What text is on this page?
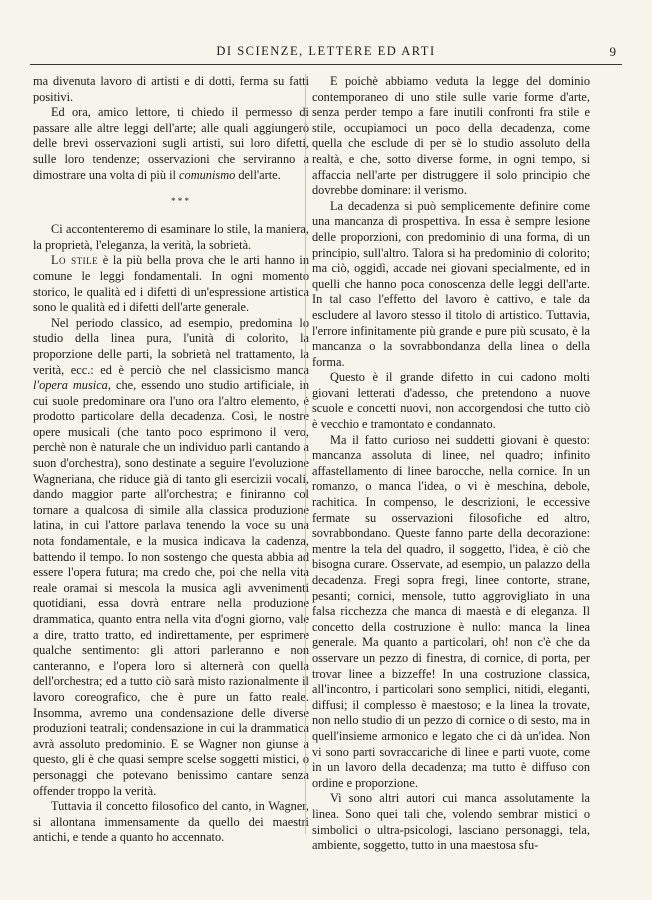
DI SCIENZE, LETTERE ED ARTI	9

ma divenuta lavoro di artisti e di dotti, ferma su fatti positivi.

Ed ora, amico lettore, ti chiedo il permesso di passare alle altre leggi dell'arte; alle quali aggiungerò delle brevi osservazioni sugli artisti, sui loro difetti, sulle loro tendenze; osservazioni che serviranno a dimostrare una volta di più il comunismo dell'arte.

* * *

Ci accontenteremo di esaminare lo stile, la maniera, la proprietà, l'eleganza, la verità, la sobrietà.

Lo stile è la più bella prova che le arti hanno in comune le leggi fondamentali. In ogni momento storico, le qualità ed i difetti di un'espressione artistica sono le qualità ed i difetti dell'arte generale.

Nel periodo classico, ad esempio, predomina lo studio della linea pura, l'unità di colorito, la proporzione delle parti, la sobrietà nel trattamento, la verità, ecc.: ed è perciò che nel classicismo manca l'opera musica, che, essendo uno studio artificiale, in cui suole predominare ora l'uno ora l'altro elemento, è prodotto particolare della decadenza. Così, le nostre opere musicali (che tanto poco esprimono il vero, perchè non è naturale che un individuo parli cantando a suon d'orchestra), sono destinate a seguire l'evoluzione Wagneriana, che riduce già di tanto gli esercizii vocali, dando maggior parte all'orchestra; e finiranno col tornare a qualcosa di simile alla classica produzione latina, in cui l'attore parlava tenendo la voce su una nota fondamentale, e la musica indicava la cadenza, battendo il tempo. Io non sostengo che questa abbia ad essere l'opera futura; ma credo che, poi che nella vita reale oramai si mescola la musica agli avvenimenti quotidiani, essa dovrà entrare nella produzione drammatica, quanto entra nella vita d'ogni giorno, vale a dire, tratto tratto, ed indirettamente, per esprimere qualche sentimento: gli attori parleranno e non canteranno, e l'opera loro si alternerà con quella dell'orchestra; ed a tutto ciò sarà misto razionalmente il lavoro coreografico, che è pure un fatto reale. Insomma, avremo una condensazione delle diverse produzioni teatrali; condensazione in cui la drammatica avrà assoluto predominio. E se Wagner non giunse a questo, gli è che quasi sempre scelse soggetti mistici, o personaggi che potevano benissimo cantare senza offender troppo la verità.

Tuttavia il concetto filosofico del canto, in Wagner, si allontana immensamente da quello dei maestri antichi, e tende a quanto ho accennato.

E poichè abbiamo veduta la legge del dominio contemporaneo di uno stile sulle varie forme d'arte, senza perder tempo a fare inutili confronti fra stile e stile, occupiamoci un poco della decadenza, come quella che esclude di per sè lo studio assoluto della realtà, e che, sotto diverse forme, in ogni tempo, si affaccia nell'arte per distruggere il solo principio che dovrebbe dominare: il verismo.

La decadenza si può semplicemente definire come una mancanza di prospettiva. In essa è sempre lesione delle proporzioni, con predominio di una forma, di un principio, sull'altro. Talora si ha predominio di colorito; ma ciò, oggidì, accade nei giovani specialmente, ed in quelli che hanno poca conoscenza delle leggi dell'arte. In tal caso l'effetto del lavoro è cattivo, e tale da escludere al lavoro stesso il titolo di artistico. Tuttavia, l'errore infinitamente più grande e pure più scusato, è la mancanza o la sovrabbondanza della linea o della forma.

Questo è il grande difetto in cui cadono molti giovani letterati d'adesso, che pretendono a nuove scuole e concetti nuovi, non accorgendosi che tutto ciò è vecchio e tramontato e condannato.

Ma il fatto curioso nei suddetti giovani è questo: mancanza assoluta di linee, nel quadro; infinito affastellamento di linee barocche, nella cornice. In un romanzo, o manca l'idea, o vi è meschina, debole, rachitica. In compenso, le descrizioni, le eccessive fermate su osservazioni filosofiche ed altro, sovrabbondano. Queste fanno parte della decorazione: mentre la tela del quadro, il soggetto, l'idea, è ciò che bisogna curare. Osservate, ad esempio, un palazzo della decadenza. Fregi sopra fregi, linee contorte, strane, pesanti; cornici, mensole, tutto aggrovigliato in una falsa ricchezza che manca di maestà e di eleganza. Il concetto della costruzione è nullo: manca la linea generale. Ma quanto a particolari, oh! non c'è che da osservare un pezzo di finestra, di cornice, di porta, per trovar linee a bizzeffe! In una costruzione classica, all'incontro, i particolari sono semplici, nitidi, eleganti, diffusi; il complesso è maestoso; e la linea la trovate, non nello studio di un pezzo di cornice o di sesto, ma in quell'insieme armonico e legato che ci dà un'idea. Non vi sono parti sovraccariche di linee e parti vuote, come in un lavoro della decadenza; ma tutto è diffuso con ordine e proporzione.

Vi sono altri autori cui manca assolutamente la linea. Sono quei tali che, volendo sembrar mistici o simbolici o ultra-psicologi, lasciano personaggi, tela, ambiente, soggetto, tutto in una maestosa sfu-
